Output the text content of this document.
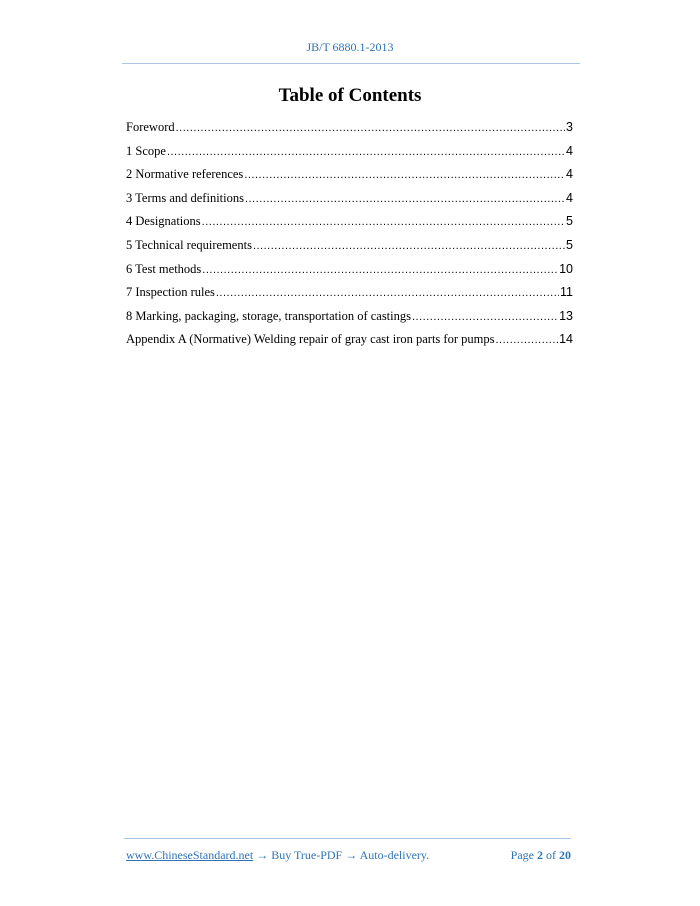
JB/T 6880.1-2013
Table of Contents
Foreword .....	3
1 Scope .....	4
2 Normative references .....	4
3 Terms and definitions .....	4
4 Designations .....	5
5 Technical requirements .....	5
6 Test methods .....	10
7 Inspection rules .....	11
8 Marking, packaging, storage, transportation of castings .....	13
Appendix A (Normative) Welding repair of gray cast iron parts for pumps .....	14
www.ChineseStandard.net → Buy True-PDF → Auto-delivery.	Page 2 of 20
